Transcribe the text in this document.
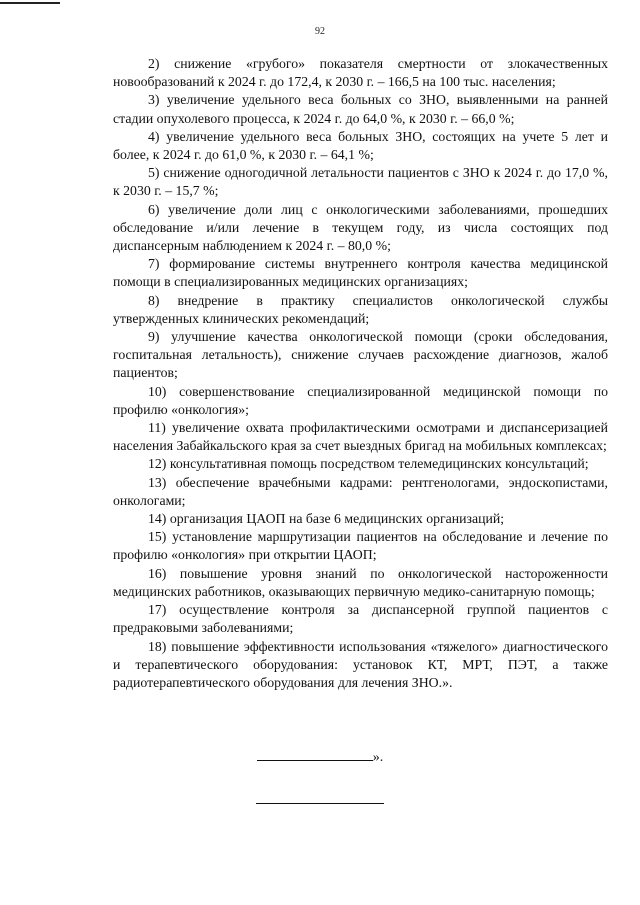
92

2) снижение «грубого» показателя смертности от злокачественных новообразований к 2024 г. до 172,4, к 2030 г. – 166,5 на 100 тыс. населения;

3) увеличение удельного веса больных со ЗНО, выявленными на ранней стадии опухолевого процесса, к 2024 г. до 64,0 %, к 2030 г. – 66,0 %;

4) увеличение удельного веса больных ЗНО, состоящих на учете 5 лет и более, к 2024 г. до 61,0 %, к 2030 г. – 64,1 %;

5) снижение одногодичной летальности пациентов с ЗНО к 2024 г. до 17,0 %, к 2030 г. – 15,7 %;

6) увеличение доли лиц с онкологическими заболеваниями, прошедших обследование и/или лечение в текущем году, из числа состоящих под диспансерным наблюдением к 2024 г. – 80,0 %;

7) формирование системы внутреннего контроля качества медицинской помощи в специализированных медицинских организациях;

8) внедрение в практику специалистов онкологической службы утвержденных клинических рекомендаций;

9) улучшение качества онкологической помощи (сроки обследования, госпитальная летальность), снижение случаев расхождение диагнозов, жалоб пациентов;

10) совершенствование специализированной медицинской помощи по профилю «онкология»;

11) увеличение охвата профилактическими осмотрами и диспансеризацией населения Забайкальского края за счет выездных бригад на мобильных комплексах;

12) консультативная помощь посредством телемедицинских консультаций;

13) обеспечение врачебными кадрами: рентгенологами, эндоскопистами, онкологами;

14) организация ЦАОП на базе 6 медицинских организаций;

15) установление маршрутизации пациентов на обследование и лечение по профилю «онкология» при открытии ЦАОП;

16) повышение уровня знаний по онкологической настороженности медицинских работников, оказывающих первичную медико-санитарную помощь;

17) осуществление контроля за диспансерной группой пациентов с предраковыми заболеваниями;

18) повышение эффективности использования «тяжелого» диагностического и терапевтического оборудования: установок КТ, МРТ, ПЭТ, а также радиотерапевтического оборудования для лечения ЗНО.».

».
